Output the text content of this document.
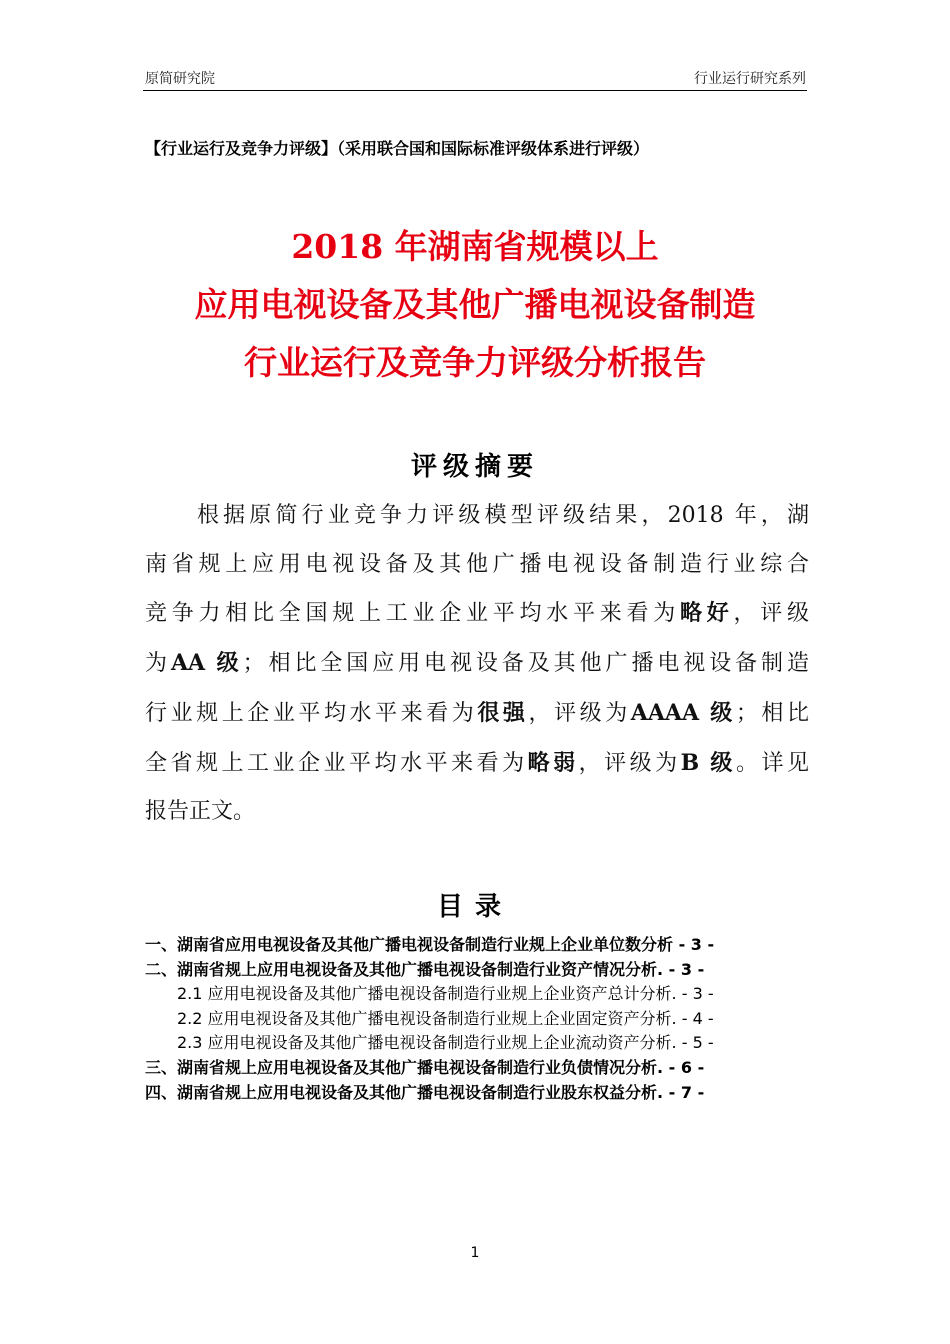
原简研究院	行业运行研究系列
【行业运行及竞争力评级】（采用联合国和国际标准评级体系进行评级）
2018 年湖南省规模以上
应用电视设备及其他广播电视设备制造
行业运行及竞争力评级分析报告
评级摘要
根据原简行业竞争力评级模型评级结果，2018 年，湖
南省规上应用电视设备及其他广播电视设备制造行业综合
竞争力相比全国规上工业企业平均水平来看为略好，评级
为AA 级；相比全国应用电视设备及其他广播电视设备制造
行业规上企业平均水平来看为很强，评级为AAAA 级；相比
全省规上工业企业平均水平来看为略弱，评级为B 级。详见
报告正文。
目录
一、湖南省应用电视设备及其他广播电视设备制造行业规上企业单位数分析 - 3 -
二、湖南省规上应用电视设备及其他广播电视设备制造行业资产情况分析. - 3 -
2.1 应用电视设备及其他广播电视设备制造行业规上企业资产总计分析. - 3 -
2.2 应用电视设备及其他广播电视设备制造行业规上企业固定资产分析. - 4 -
2.3 应用电视设备及其他广播电视设备制造行业规上企业流动资产分析. - 5 -
三、湖南省规上应用电视设备及其他广播电视设备制造行业负债情况分析. - 6 -
四、湖南省规上应用电视设备及其他广播电视设备制造行业股东权益分析. - 7 -
1
